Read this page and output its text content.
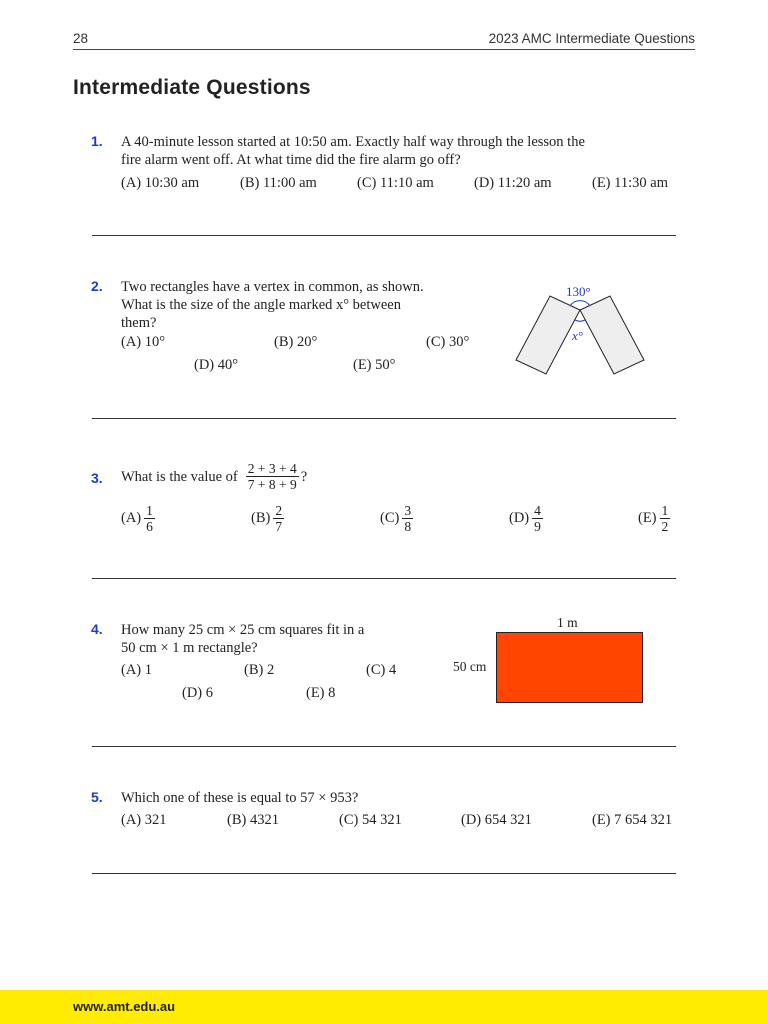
28	2023 AMC Intermediate Questions
Intermediate Questions
1. A 40-minute lesson started at 10:50 am. Exactly half way through the lesson the
fire alarm went off. At what time did the fire alarm go off?
(A) 10:30 am	(B) 11:00 am	(C) 11:10 am	(D) 11:20 am	(E) 11:30 am
2. Two rectangles have a vertex in common, as shown.
What is the size of the angle marked x° between
them?
(A) 10°	(B) 20°	(C) 30°
(D) 40°	(E) 50°
130°
x°
3. What is the value of $\frac{2 + 3 + 4}{7 + 8 + 9}$ ?
$(A) \frac{1}{6}$	$(B) \frac{2}{7}$	$(C) \frac{3}{8}$	$(D) \frac{4}{9}$	$(E) \frac{1}{2}$
4. How many 25 cm × 25 cm squares fit in a
50 cm × 1 m rectangle?
(A) 1	(B) 2	(C) 4
(D) 6	(E) 8
1 m
50 cm
5. Which one of these is equal to 57 × 953?
(A) 321	(B) 4321	(C) 54 321	(D) 654 321	(E) 7 654 321
www.amt.edu.au
